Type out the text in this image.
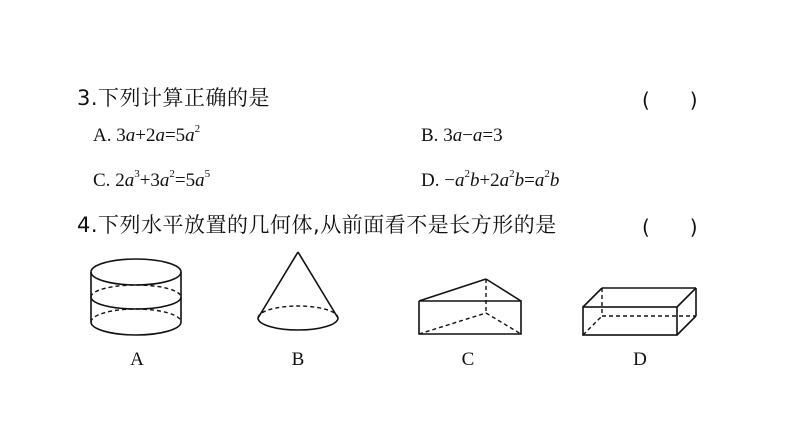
3.下列计算正确的是	(　　)
A. $3a+2a=5a^2$	B. 3a−a=3
C. $2a^3+3a^2=5a^5$	D. $-a^2b+2a^2b=a^2b$
4.下列水平放置的几何体,从前面看不是长方形的是	(　　)
A	B	C	D
